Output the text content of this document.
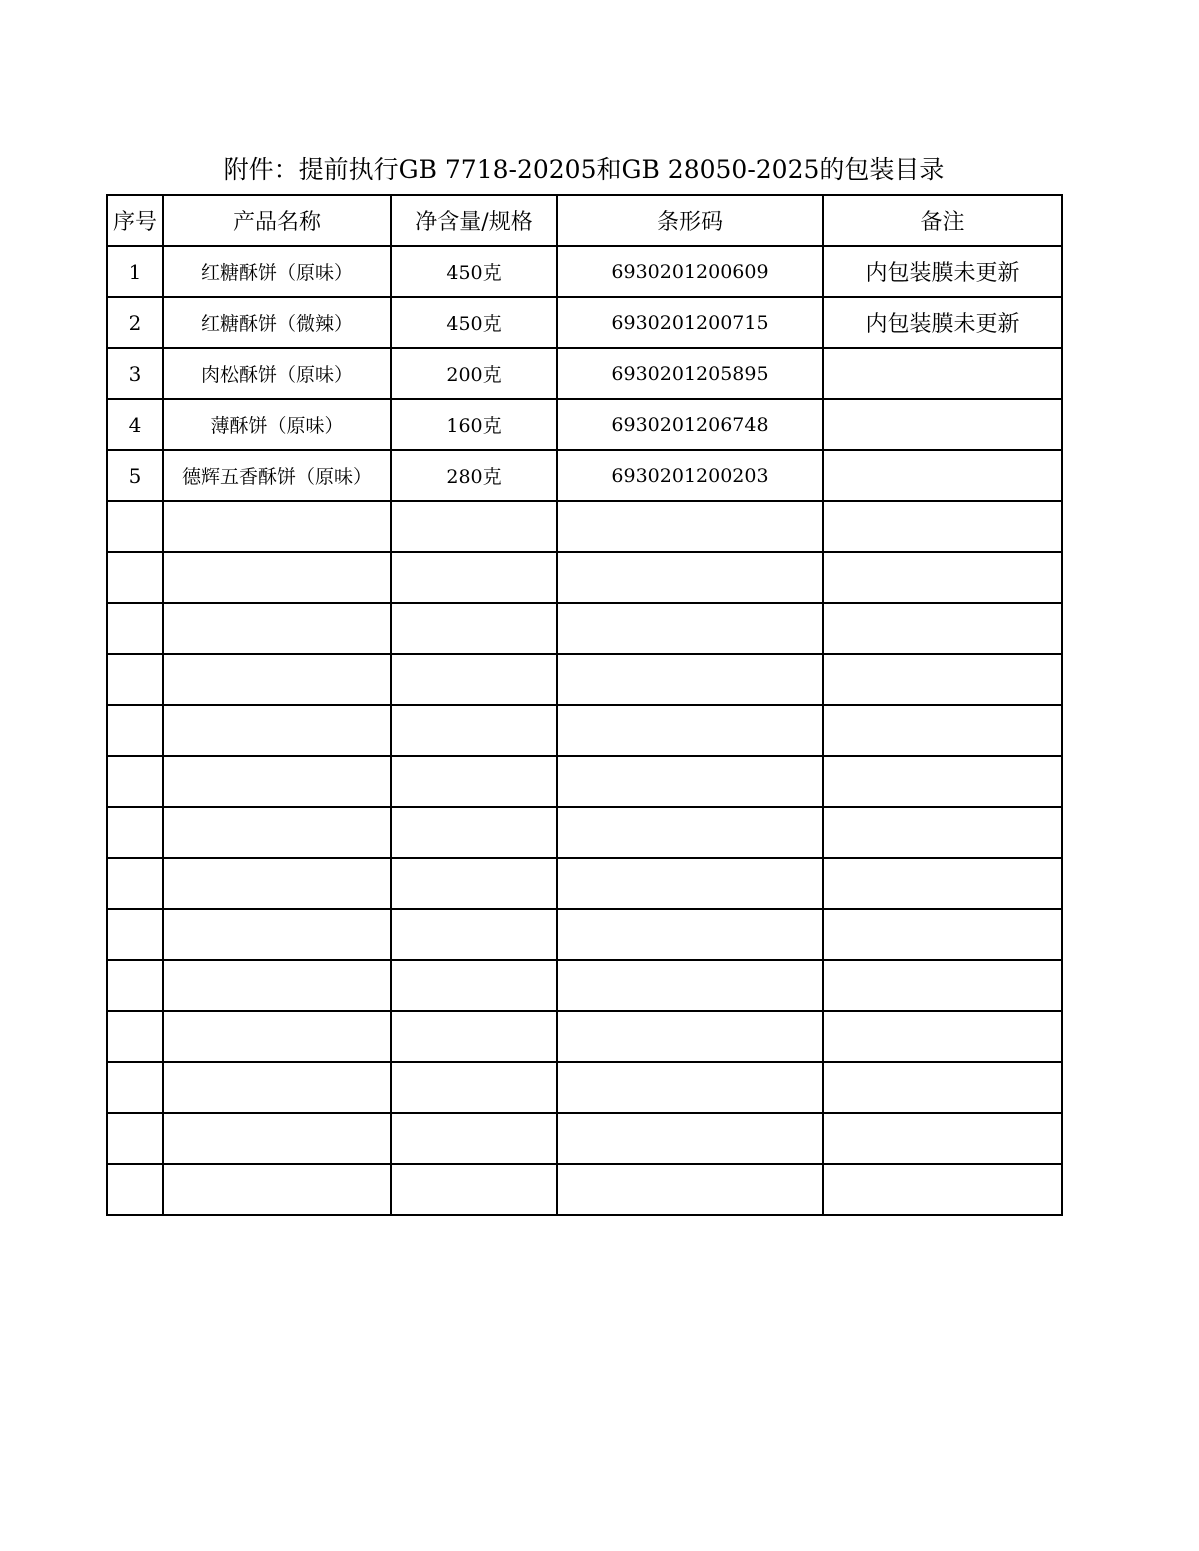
附件：提前执行GB 7718-20205和GB 28050-2025的包装目录
序号	产品名称	净含量/规格	条形码	备注
1	红糖酥饼（原味）	450克	6930201200609	内包装膜未更新
2	红糖酥饼（微辣）	450克	6930201200715	内包装膜未更新
3	肉松酥饼（原味）	200克	6930201205895	
4	薄酥饼（原味）	160克	6930201206748	
5	德辉五香酥饼（原味）	280克	6930201200203	
